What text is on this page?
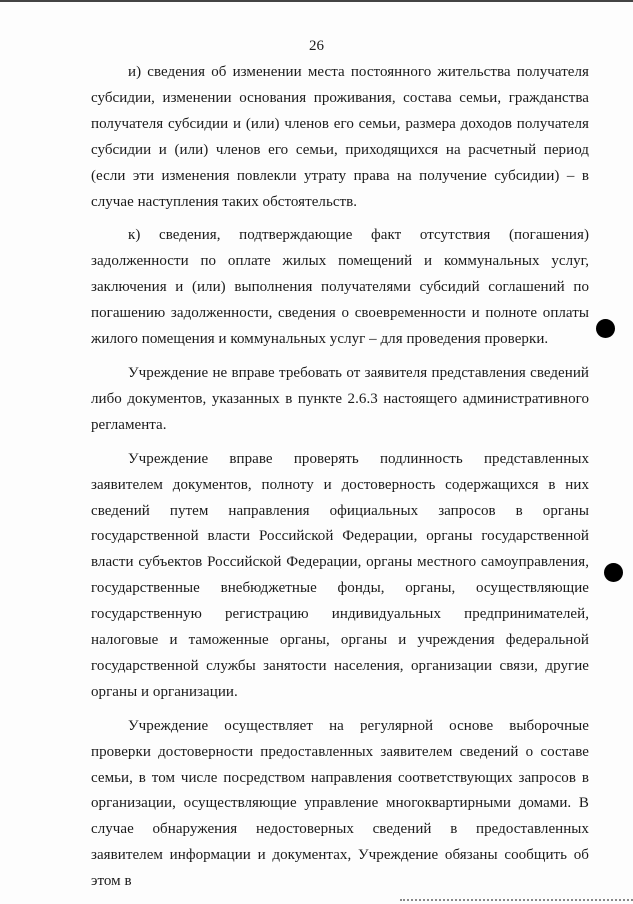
26

и) сведения об изменении места постоянного жительства получателя субсидии, изменении основания проживания, состава семьи, гражданства получателя субсидии и (или) членов его семьи, размера доходов получателя субсидии и (или) членов его семьи, приходящихся на расчетный период (если эти изменения повлекли утрату права на получение субсидии) – в случае наступления таких обстоятельств.

к) сведения, подтверждающие факт отсутствия (погашения) задолженности по оплате жилых помещений и коммунальных услуг, заключения и (или) выполнения получателями субсидий соглашений по погашению задолженности, сведения о своевременности и полноте оплаты жилого помещения и коммунальных услуг – для проведения проверки.

Учреждение не вправе требовать от заявителя представления сведений либо документов, указанных в пункте 2.6.3 настоящего административного регламента.

Учреждение вправе проверять подлинность представленных заявителем документов, полноту и достоверность содержащихся в них сведений путем направления официальных запросов в органы государственной власти Российской Федерации, органы государственной власти субъектов Российской Федерации, органы местного самоуправления, государственные внебюджетные фонды, органы, осуществляющие государственную регистрацию индивидуальных предпринимателей, налоговые и таможенные органы, органы и учреждения федеральной государственной службы занятости населения, организации связи, другие органы и организации.

Учреждение осуществляет на регулярной основе выборочные проверки достоверности предоставленных заявителем сведений о составе семьи, в том числе посредством направления соответствующих запросов в организации, осуществляющие управление многоквартирными домами. В случае обнаружения недостоверных сведений в предоставленных заявителем информации и документах, Учреждение обязаны сообщить об этом в
